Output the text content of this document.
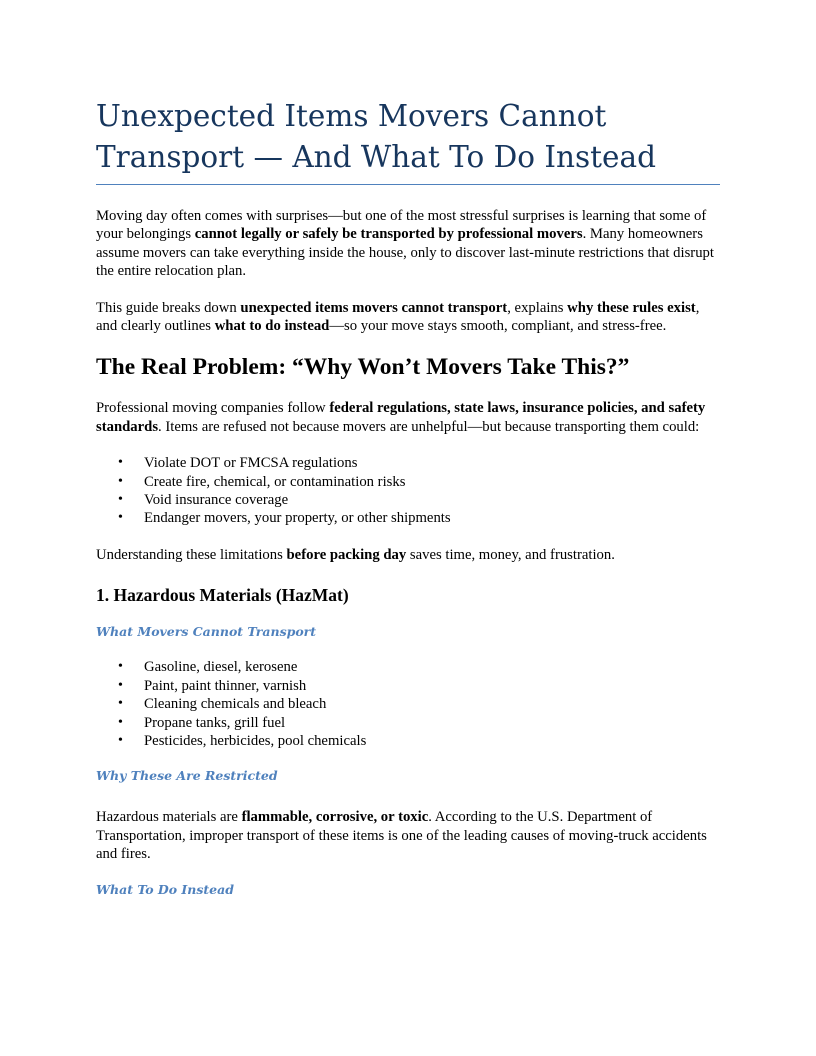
Unexpected Items Movers Cannot Transport — And What To Do Instead

Moving day often comes with surprises—but one of the most stressful surprises is learning that some of your belongings cannot legally or safely be transported by professional movers. Many homeowners assume movers can take everything inside the house, only to discover last-minute restrictions that disrupt the entire relocation plan.

This guide breaks down unexpected items movers cannot transport, explains why these rules exist, and clearly outlines what to do instead—so your move stays smooth, compliant, and stress-free.

The Real Problem: “Why Won’t Movers Take This?”

Professional moving companies follow federal regulations, state laws, insurance policies, and safety standards. Items are refused not because movers are unhelpful—but because transporting them could:

• Violate DOT or FMCSA regulations
• Create fire, chemical, or contamination risks
• Void insurance coverage
• Endanger movers, your property, or other shipments

Understanding these limitations before packing day saves time, money, and frustration.

1. Hazardous Materials (HazMat)
What Movers Cannot Transport
• Gasoline, diesel, kerosene
• Paint, paint thinner, varnish
• Cleaning chemicals and bleach
• Propane tanks, grill fuel
• Pesticides, herbicides, pool chemicals
Why These Are Restricted

Hazardous materials are flammable, corrosive, or toxic. According to the U.S. Department of Transportation, improper transport of these items is one of the leading causes of moving-truck accidents and fires.

What To Do Instead
